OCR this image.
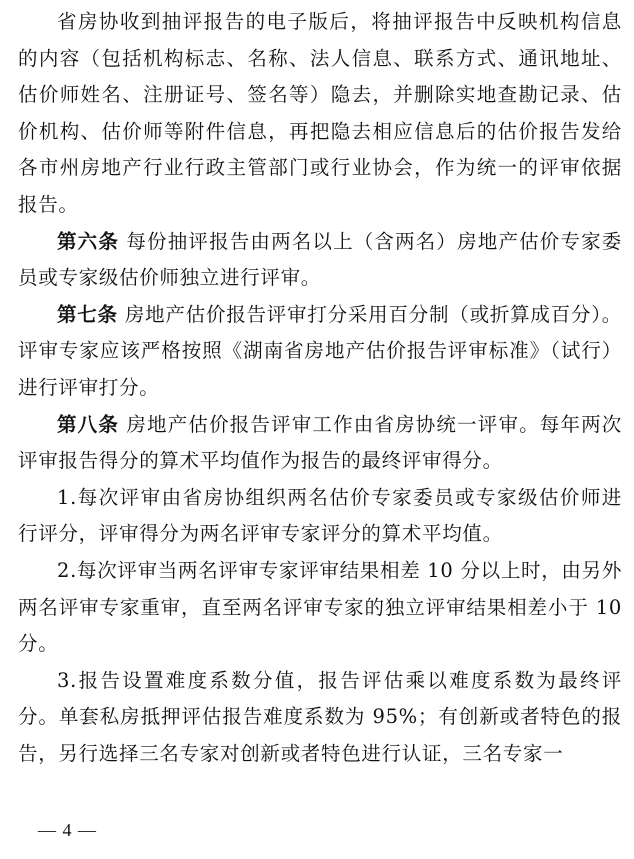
省房协收到抽评报告的电子版后，将抽评报告中反映机构信息的内容（包括机构标志、名称、法人信息、联系方式、通讯地址、估价师姓名、注册证号、签名等）隐去，并删除实地查勘记录、估价机构、估价师等附件信息，再把隐去相应信息后的估价报告发给各市州房地产行业行政主管部门或行业协会，作为统一的评审依据报告。

第六条 每份抽评报告由两名以上（含两名）房地产估价专家委员或专家级估价师独立进行评审。

第七条 房地产估价报告评审打分采用百分制（或折算成百分）。评审专家应该严格按照《湖南省房地产估价报告评审标准》（试行）进行评审打分。

第八条 房地产估价报告评审工作由省房协统一评审。每年两次评审报告得分的算术平均值作为报告的最终评审得分。

1.每次评审由省房协组织两名估价专家委员或专家级估价师进行评分，评审得分为两名评审专家评分的算术平均值。

2.每次评审当两名评审专家评审结果相差 10 分以上时，由另外两名评审专家重审，直至两名评审专家的独立评审结果相差小于 10 分。

3.报告设置难度系数分值，报告评估乘以难度系数为最终评分。单套私房抵押评估报告难度系数为 95%；有创新或者特色的报告，另行选择三名专家对创新或者特色进行认证，三名专家一

— 4 —
